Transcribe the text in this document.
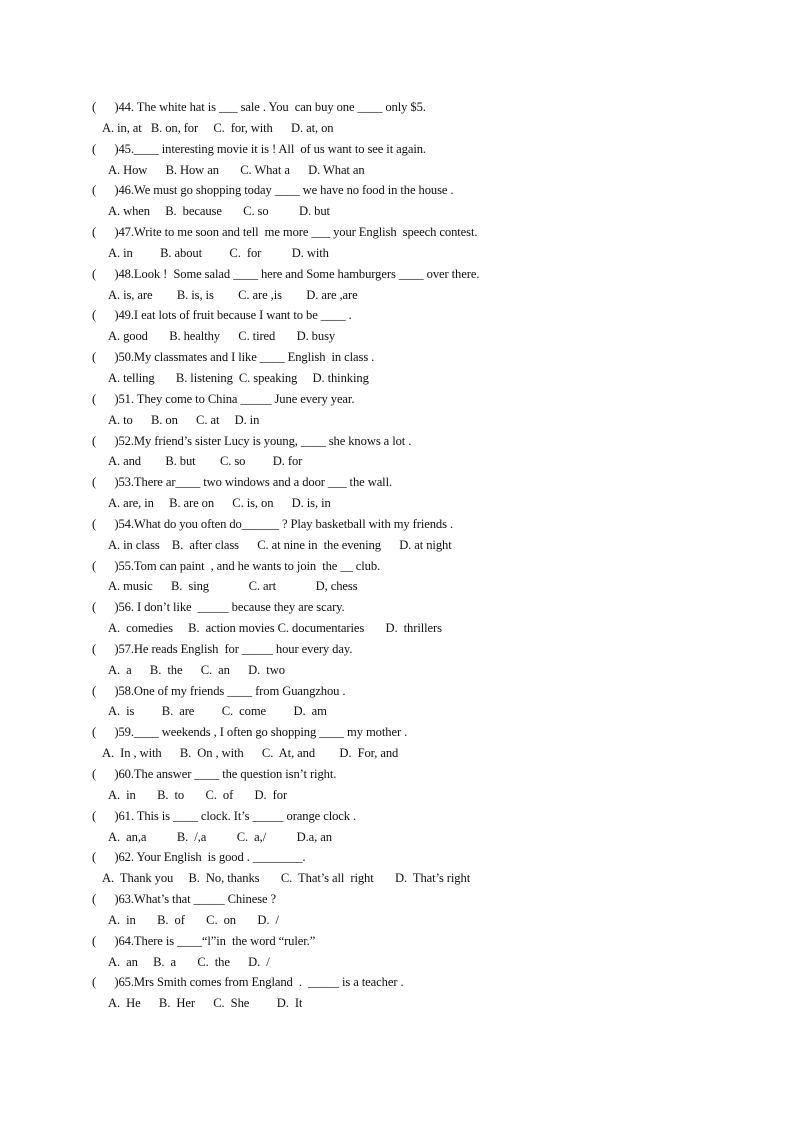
(      )44. The white hat is ___ sale . You  can buy one ____ only $5.
A. in, at   B. on, for     C.  for, with      D. at, on
(      )45.____ interesting movie it is ! All  of us want to see it again.
A. How      B. How an       C. What a      D. What an
(      )46.We must go shopping today ____ we have no food in the house .
A. when     B.  because       C. so          D. but
(      )47.Write to me soon and tell  me more ___ your English  speech contest.
A. in         B. about         C.  for          D. with
(      )48.Look !  Some salad ____ here and Some hamburgers ____ over there.
A. is, are        B. is, is        C. are ,is        D. are ,are
(      )49.I eat lots of fruit because I want to be ____ .
A. good       B. healthy      C. tired       D. busy
(      )50.My classmates and I like ____ English  in class .
A. telling       B. listening  C. speaking     D. thinking
(      )51. They come to China _____ June every year.
A. to      B. on      C. at     D. in
(      )52.My friend’s sister Lucy is young, ____ she knows a lot .
A. and        B. but        C. so         D. for
(      )53.There ar____ two windows and a door ___ the wall.
A. are, in     B. are on      C. is, on      D. is, in
(      )54.What do you often do______ ? Play basketball with my friends .
A. in class    B.  after class      C. at nine in  the evening      D. at night
(      )55.Tom can paint  , and he wants to join  the __ club.
A. music      B.  sing             C. art             D, chess
(      )56. I don’t like  _____ because they are scary.
A.  comedies     B.  action movies C. documentaries       D.  thrillers
(      )57.He reads English  for _____ hour every day.
A.  a      B.  the      C.  an      D.  two
(      )58.One of my friends ____ from Guangzhou .
A.  is         B.  are         C.  come         D.  am
(      )59.____ weekends , I often go shopping ____ my mother .
A.  In , with      B.  On , with      C.  At, and        D.  For, and
(      )60.The answer ____ the question isn’t right.
A.  in       B.  to       C.  of       D.  for
(      )61. This is ____ clock. It’s _____ orange clock .
A.  an,a          B.  /,a          C.  a,/          D.a, an
(      )62. Your English  is good . ________.
A.  Thank you     B.  No, thanks       C.  That’s all  right       D.  That’s right
(      )63.What’s that _____ Chinese ?
A.  in       B.  of       C.  on       D.  /
(      )64.There is ____“l”in  the word “ruler.”
A.  an     B.  a       C.  the      D.  /
(      )65.Mrs Smith comes from England  .  _____ is a teacher .
A.  He      B.  Her      C.  She         D.  It
